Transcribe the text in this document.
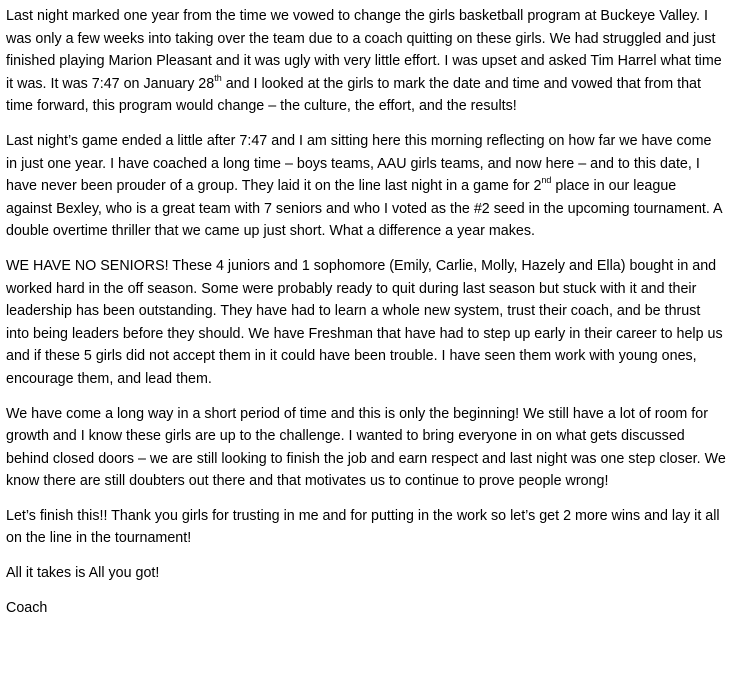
Last night marked one year from the time we vowed to change the girls basketball program at Buckeye Valley. I was only a few weeks into taking over the team due to a coach quitting on these girls. We had struggled and just finished playing Marion Pleasant and it was ugly with very little effort. I was upset and asked Tim Harrel what time it was. It was 7:47 on January 28th and I looked at the girls to mark the date and time and vowed that from that time forward, this program would change – the culture, the effort, and the results!

Last night’s game ended a little after 7:47 and I am sitting here this morning reflecting on how far we have come in just one year. I have coached a long time – boys teams, AAU girls teams, and now here – and to this date, I have never been prouder of a group. They laid it on the line last night in a game for 2nd place in our league against Bexley, who is a great team with 7 seniors and who I voted as the #2 seed in the upcoming tournament. A double overtime thriller that we came up just short. What a difference a year makes.

WE HAVE NO SENIORS! These 4 juniors and 1 sophomore (Emily, Carlie, Molly, Hazely and Ella) bought in and worked hard in the off season. Some were probably ready to quit during last season but stuck with it and their leadership has been outstanding. They have had to learn a whole new system, trust their coach, and be thrust into being leaders before they should. We have Freshman that have had to step up early in their career to help us and if these 5 girls did not accept them in it could have been trouble. I have seen them work with young ones, encourage them, and lead them.

We have come a long way in a short period of time and this is only the beginning! We still have a lot of room for growth and I know these girls are up to the challenge. I wanted to bring everyone in on what gets discussed behind closed doors – we are still looking to finish the job and earn respect and last night was one step closer. We know there are still doubters out there and that motivates us to continue to prove people wrong!

Let’s finish this!! Thank you girls for trusting in me and for putting in the work so let’s get 2 more wins and lay it all on the line in the tournament!

All it takes is All you got!

Coach
